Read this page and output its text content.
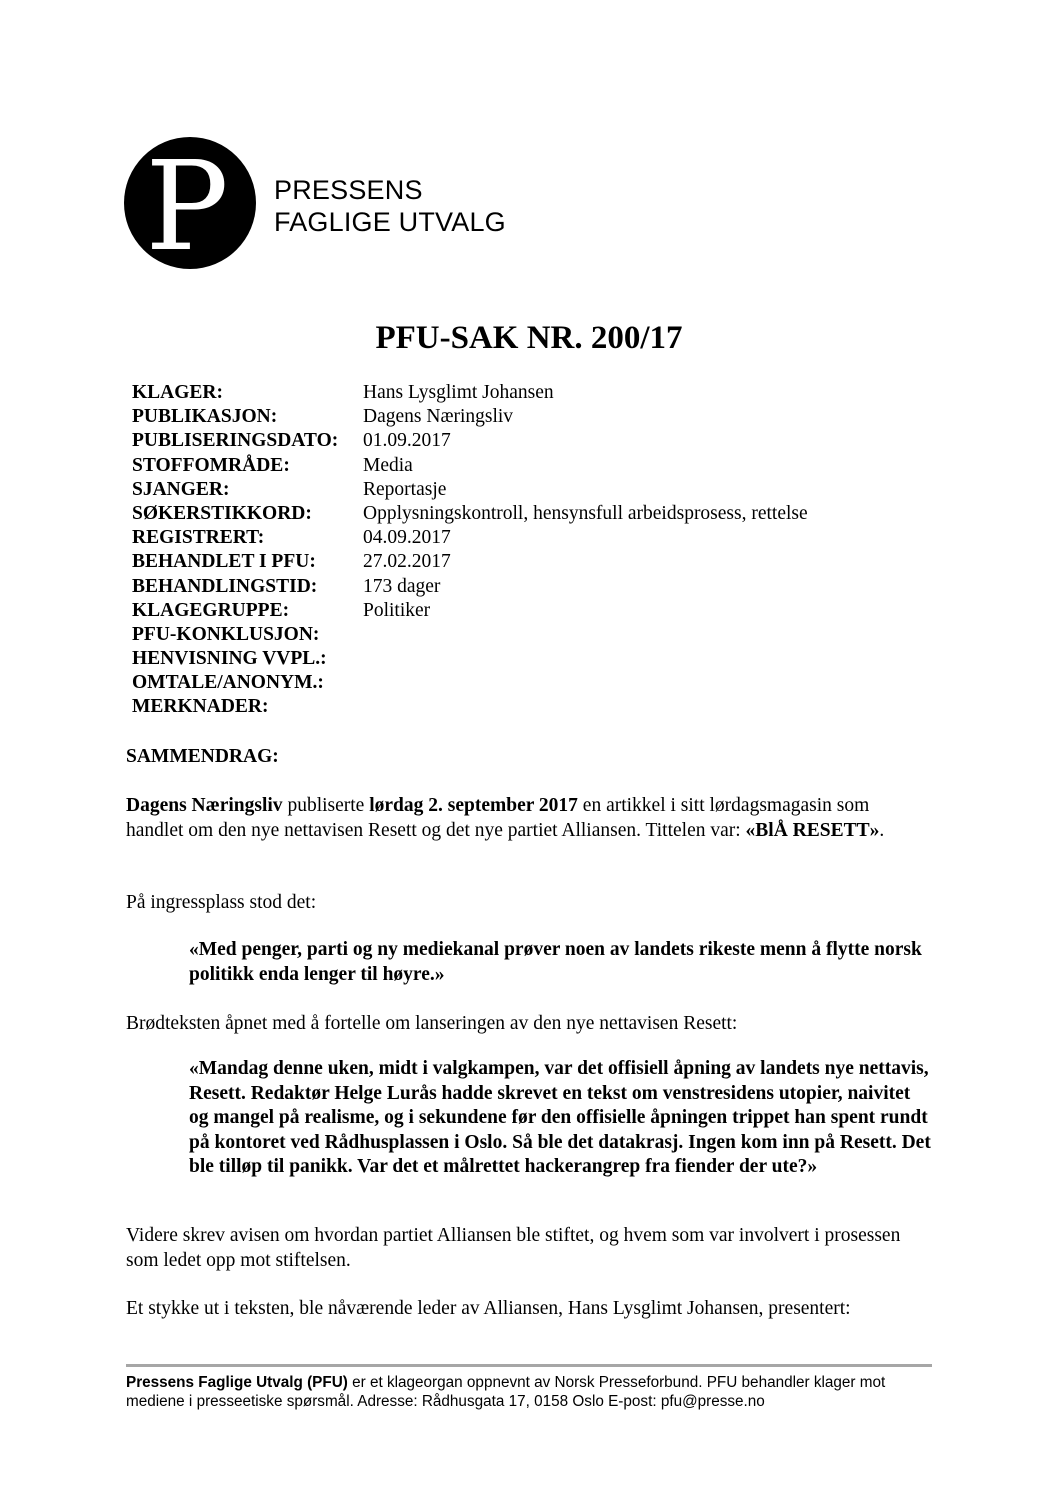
P PRESSENS
FAGLIGE UTVALG
PFU-SAK NR. 200/17
KLAGER:	Hans Lysglimt Johansen
PUBLIKASJON:	Dagens Næringsliv
PUBLISERINGSDATO:	01.09.2017
STOFFOMRÅDE:	Media
SJANGER:	Reportasje
SØKERSTIKKORD:	Opplysningskontroll, hensynsfull arbeidsprosess, rettelse
REGISTRERT:	04.09.2017
BEHANDLET I PFU:	27.02.2017
BEHANDLINGSTID:	173 dager
KLAGEGRUPPE:	Politiker
PFU-KONKLUSJON:
HENVISNING VVPL.:
OMTALE/ANONYM.:
MERKNADER:
SAMMENDRAG:
Dagens Næringsliv publiserte lørdag 2. september 2017 en artikkel i sitt lørdagsmagasin som handlet om den nye nettavisen Resett og det nye partiet Alliansen. Tittelen var: «BlÅ RESETT».
På ingressplass stod det:
«Med penger, parti og ny mediekanal prøver noen av landets rikeste menn å flytte norsk politikk enda lenger til høyre.»
Brødteksten åpnet med å fortelle om lanseringen av den nye nettavisen Resett:
«Mandag denne uken, midt i valgkampen, var det offisiell åpning av landets nye nettavis, Resett. Redaktør Helge Lurås hadde skrevet en tekst om venstresidens utopier, naivitet og mangel på realisme, og i sekundene før den offisielle åpningen trippet han spent rundt på kontoret ved Rådhusplassen i Oslo. Så ble det datakrasj. Ingen kom inn på Resett. Det ble tilløp til panikk. Var det et målrettet hackerangrep fra fiender der ute?»
Videre skrev avisen om hvordan partiet Alliansen ble stiftet, og hvem som var involvert i prosessen som ledet opp mot stiftelsen.
Et stykke ut i teksten, ble nåværende leder av Alliansen, Hans Lysglimt Johansen, presentert:
Pressens Faglige Utvalg (PFU) er et klageorgan oppnevnt av Norsk Presseforbund. PFU behandler klager mot mediene i presseetiske spørsmål. Adresse: Rådhusgata 17, 0158 Oslo E-post: pfu@presse.no
